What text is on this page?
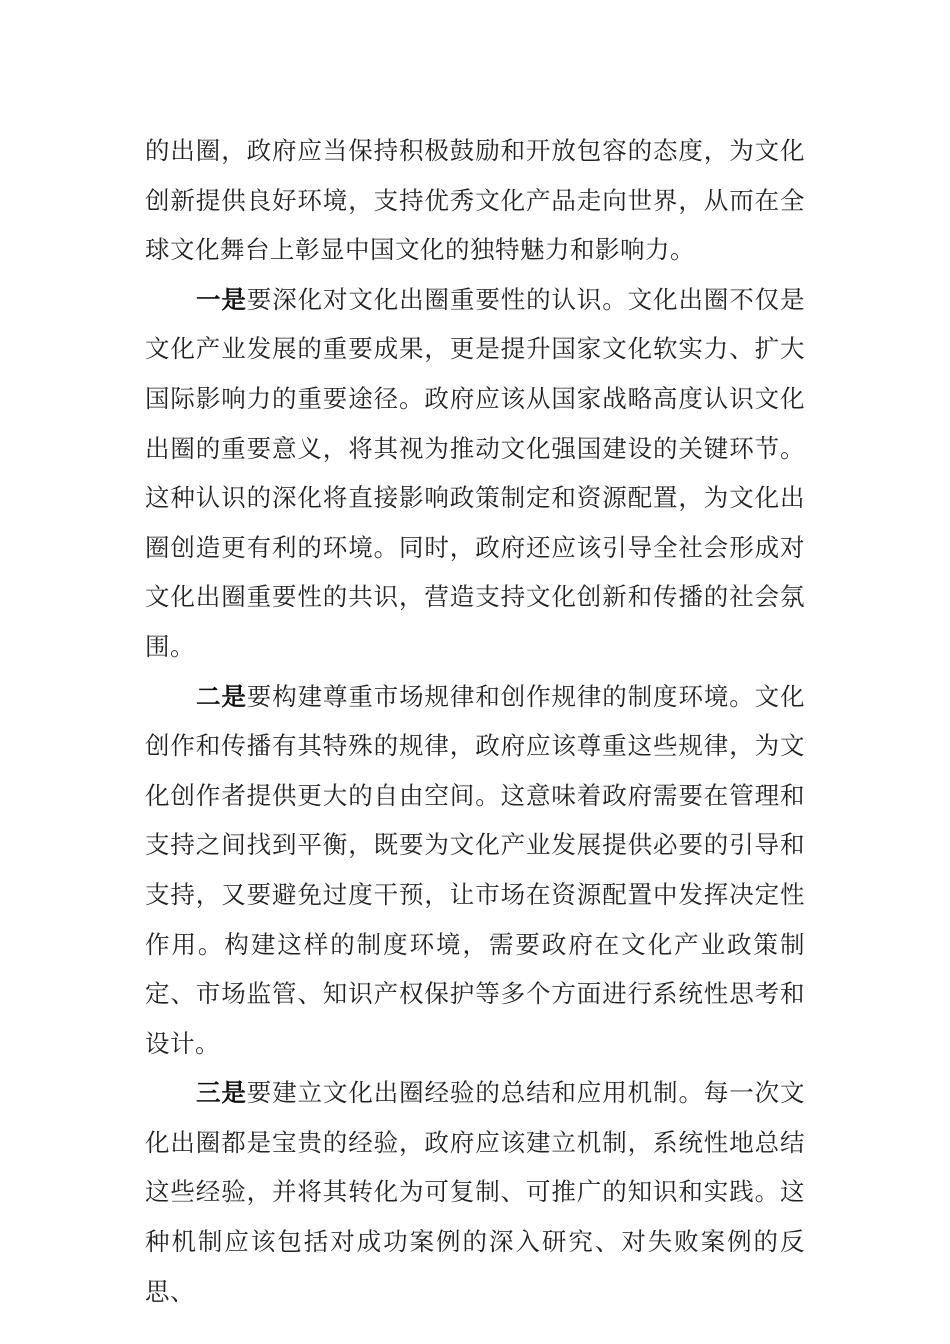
的出圈，政府应当保持积极鼓励和开放包容的态度，为文化创新提供良好环境，支持优秀文化产品走向世界，从而在全球文化舞台上彰显中国文化的独特魅力和影响力。

一是要深化对文化出圈重要性的认识。文化出圈不仅是文化产业发展的重要成果，更是提升国家文化软实力、扩大国际影响力的重要途径。政府应该从国家战略高度认识文化出圈的重要意义，将其视为推动文化强国建设的关键环节。这种认识的深化将直接影响政策制定和资源配置，为文化出圈创造更有利的环境。同时，政府还应该引导全社会形成对文化出圈重要性的共识，营造支持文化创新和传播的社会氛围。

二是要构建尊重市场规律和创作规律的制度环境。文化创作和传播有其特殊的规律，政府应该尊重这些规律，为文化创作者提供更大的自由空间。这意味着政府需要在管理和支持之间找到平衡，既要为文化产业发展提供必要的引导和支持，又要避免过度干预，让市场在资源配置中发挥决定性作用。构建这样的制度环境，需要政府在文化产业政策制定、市场监管、知识产权保护等多个方面进行系统性思考和设计。

三是要建立文化出圈经验的总结和应用机制。每一次文化出圈都是宝贵的经验，政府应该建立机制，系统性地总结这些经验，并将其转化为可复制、可推广的知识和实践。这种机制应该包括对成功案例的深入研究、对失败案例的反思、
